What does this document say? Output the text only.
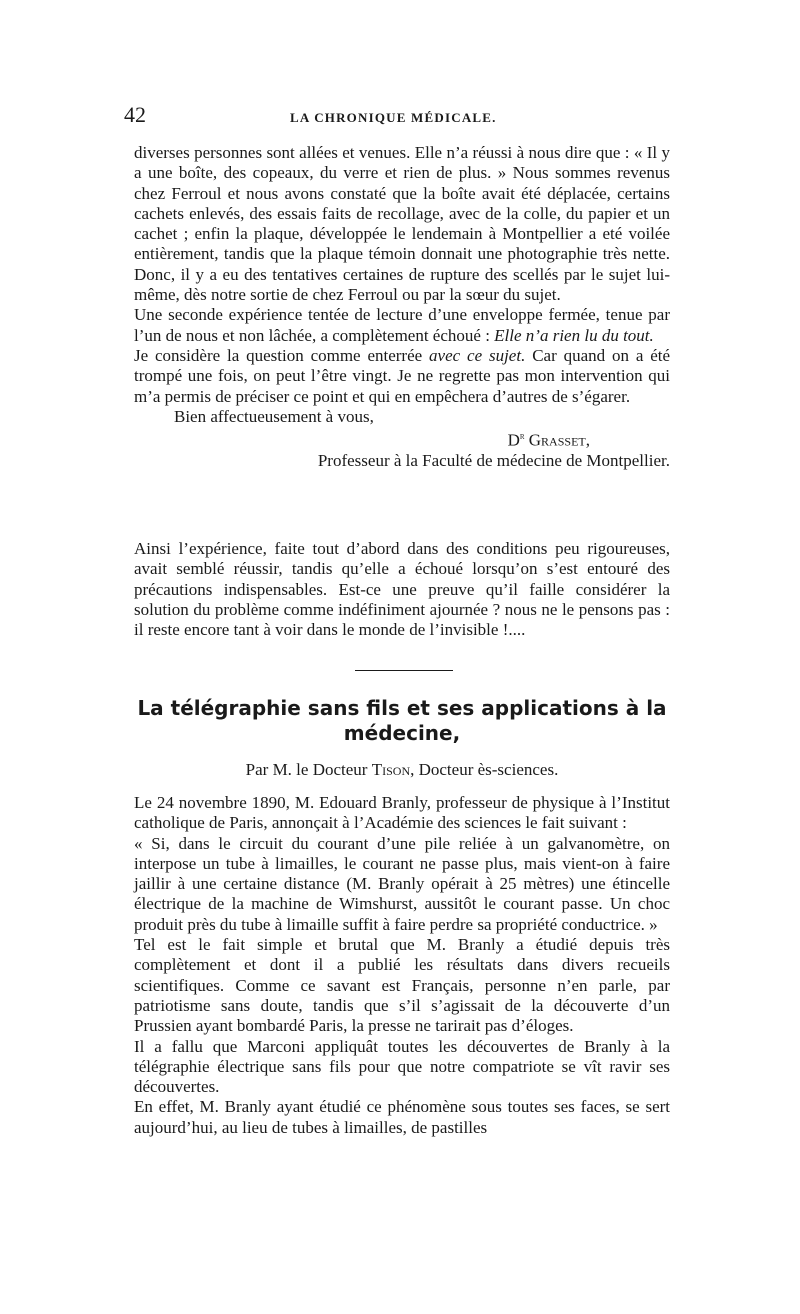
42	LA CHRONIQUE MÉDICALE.

diverses personnes sont allées et venues. Elle n’a réussi à nous dire que : « Il y a une boîte, des copeaux, du verre et rien de plus. » Nous sommes revenus chez Ferroul et nous avons constaté que la boîte avait été déplacée, certains cachets enlevés, des essais faits de recollage, avec de la colle, du papier et un cachet ; enfin la plaque, développée le lendemain à Montpellier a eté voilée entièrement, tandis que la plaque témoin donnait une photographie très nette. Donc, il y a eu des tentatives certaines de rupture des scellés par le sujet lui-même, dès notre sortie de chez Ferroul ou par la sœur du sujet.

Une seconde expérience tentée de lecture d’une enveloppe fermée, tenue par l’un de nous et non lâchée, a complètement échoué : Elle n’a rien lu du tout.

Je considère la question comme enterrée avec ce sujet. Car quand on a été trompé une fois, on peut l’être vingt. Je ne regrette pas mon intervention qui m’a permis de préciser ce point et qui en empêchera d’autres de s’égarer.

Bien affectueusement à vous,

$D^r$ Grasset,

Professeur à la Faculté de médecine de Montpellier.

Ainsi l’expérience, faite tout d’abord dans des conditions peu rigoureuses, avait semblé réussir, tandis qu’elle a échoué lorsqu’on s’est entouré des précautions indispensables. Est-ce une preuve qu’il faille considérer la solution du problème comme indéfiniment ajournée ? nous ne le pensons pas : il reste encore tant à voir dans le monde de l’invisible !....

La télégraphie sans fils et ses applications à la médecine,
Par M. le Docteur Tison, Docteur ès-sciences.

Le 24 novembre 1890, M. Edouard Branly, professeur de physique à l’Institut catholique de Paris, annonçait à l’Académie des sciences le fait suivant :

« Si, dans le circuit du courant d’une pile reliée à un galvanomètre, on interpose un tube à limailles, le courant ne passe plus, mais vient-on à faire jaillir à une certaine distance (M. Branly opérait à 25 mètres) une étincelle électrique de la machine de Wimshurst, aussitôt le courant passe. Un choc produit près du tube à limaille suffit à faire perdre sa propriété conductrice. »

Tel est le fait simple et brutal que M. Branly a étudié depuis très complètement et dont il a publié les résultats dans divers recueils scientifiques. Comme ce savant est Français, personne n’en parle, par patriotisme sans doute, tandis que s’il s’agissait de la découverte d’un Prussien ayant bombardé Paris, la presse ne tarirait pas d’éloges.

Il a fallu que Marconi appliquât toutes les découvertes de Branly à la télégraphie électrique sans fils pour que notre compatriote se vît ravir ses découvertes.

En effet, M. Branly ayant étudié ce phénomène sous toutes ses faces, se sert aujourd’hui, au lieu de tubes à limailles, de pastilles
